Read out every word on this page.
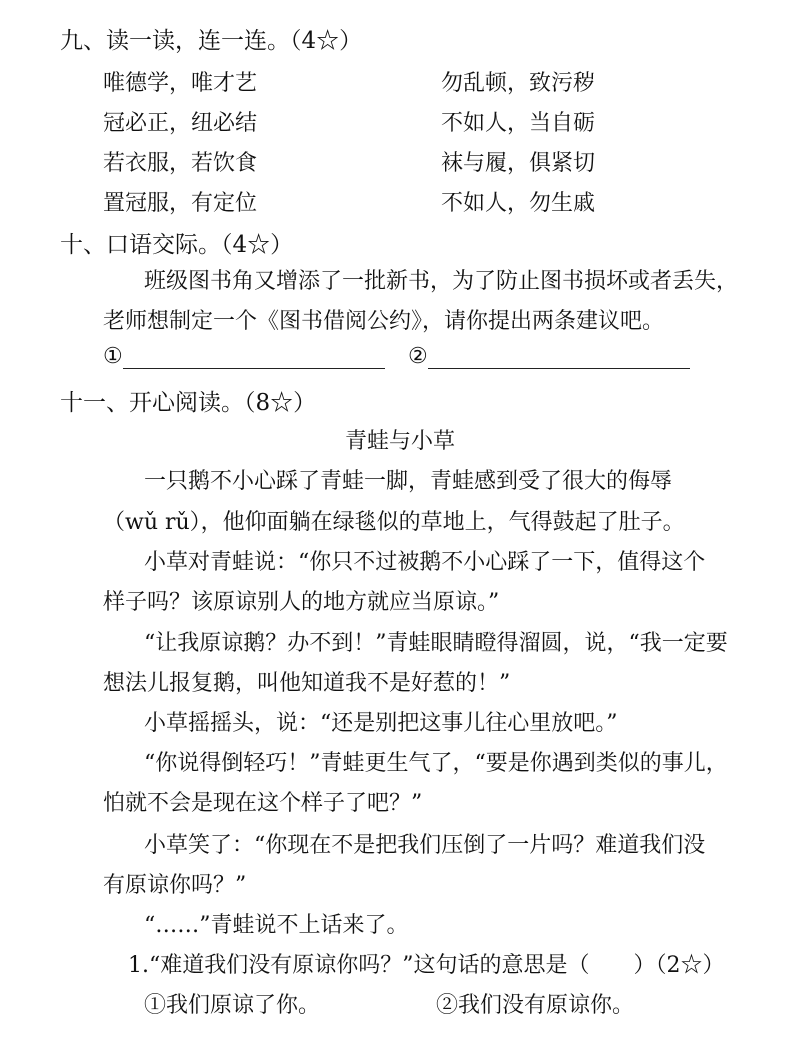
九、读一读，连一连。（4☆）
唯德学，唯才艺
冠必正，纽必结
若衣服，若饮食
置冠服，有定位
勿乱顿，致污秽
不如人，当自砺
袜与履，俱紧切
不如人，勿生戚
十、口语交际。（4☆）
班级图书角又增添了一批新书，为了防止图书损坏或者丢失，
老师想制定一个《图书借阅公约》，请你提出两条建议吧。
①	②
十一、开心阅读。（8☆）
青蛙与小草
一只鹅不小心踩了青蛙一脚，青蛙感到受了很大的侮辱
（wǔ rǔ），他仰面躺在绿毯似的草地上，气得鼓起了肚子。
小草对青蛙说：“你只不过被鹅不小心踩了一下，值得这个
样子吗？该原谅别人的地方就应当原谅。”
“让我原谅鹅？办不到！”青蛙眼睛瞪得溜圆，说，“我一定要
想法儿报复鹅，叫他知道我不是好惹的！”
小草摇摇头，说：“还是别把这事儿往心里放吧。”
“你说得倒轻巧！”青蛙更生气了，“要是你遇到类似的事儿，
怕就不会是现在这个样子了吧？”
小草笑了：“你现在不是把我们压倒了一片吗？难道我们没
有原谅你吗？”
“……”青蛙说不上话来了。
1.“难道我们没有原谅你吗？”这句话的意思是（　　）（2☆）
①我们原谅了你。	②我们没有原谅你。
